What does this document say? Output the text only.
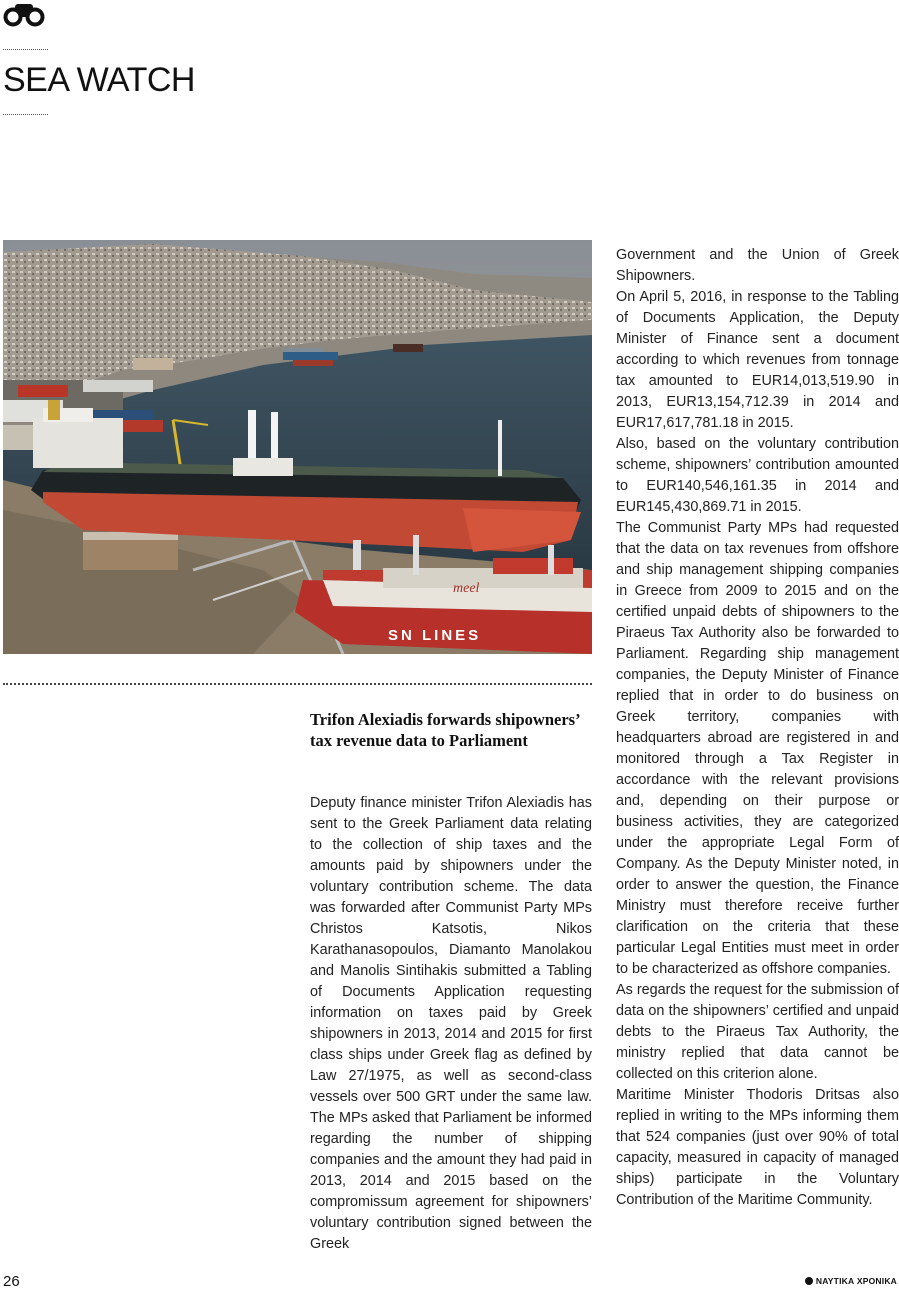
SEA WATCH
meel
SN LINES
Trifon Alexiadis forwards shipowners’ tax revenue data to Parliament

Deputy finance minister Trifon Alexiadis has sent to the Greek Parliament data relating to the collection of ship taxes and the amounts paid by shipowners under the voluntary contribution scheme. The data was forwarded after Communist Party MPs Christos Katsotis, Nikos Karathanasopoulos, Diamanto Manolakou and Manolis Sintihakis submitted a Tabling of Documents Application requesting information on taxes paid by Greek shipowners in 2013, 2014 and 2015 for first class ships under Greek flag as defined by Law 27/1975, as well as second-class vessels over 500 GRT under the same law. The MPs asked that Parliament be informed regarding the number of shipping companies and the amount they had paid in 2013, 2014 and 2015 based on the compromissum agreement for shipowners’ voluntary contribution signed between the Greek

Government and the Union of Greek Shipowners.

On April 5, 2016, in response to the Tabling of Documents Application, the Deputy Minister of Finance sent a document according to which revenues from tonnage tax amounted to EUR14,013,519.90 in 2013, EUR13,154,712.39 in 2014 and EUR17,617,781.18 in 2015.

Also, based on the voluntary contribution scheme, shipowners’ contribution amounted to EUR140,546,161.35 in 2014 and EUR145,430,869.71 in 2015.

The Communist Party MPs had requested that the data on tax revenues from offshore and ship management shipping companies in Greece from 2009 to 2015 and on the certified unpaid debts of shipowners to the Piraeus Tax Authority also be forwarded to Parliament. Regarding ship management companies, the Deputy Minister of Finance replied that in order to do business on Greek territory, companies with headquarters abroad are registered in and monitored through a Tax Register in accordance with the relevant provisions and, depending on their purpose or business activities, they are categorized under the appropriate Legal Form of Company. As the Deputy Minister noted, in order to answer the question, the Finance Ministry must therefore receive further clarification on the criteria that these particular Legal Entities must meet in order to be characterized as offshore companies.

As regards the request for the submission of data on the shipowners’ certified and unpaid debts to the Piraeus Tax Authority, the ministry replied that data cannot be collected on this criterion alone.

Maritime Minister Thodoris Dritsas also replied in writing to the MPs informing them that 524 companies (just over 90% of total capacity, measured in capacity of managed ships) participate in the Voluntary Contribution of the Maritime Community.

26	ΝΑΥΤΙΚΑ ΧΡΟΝΙΚΑ
